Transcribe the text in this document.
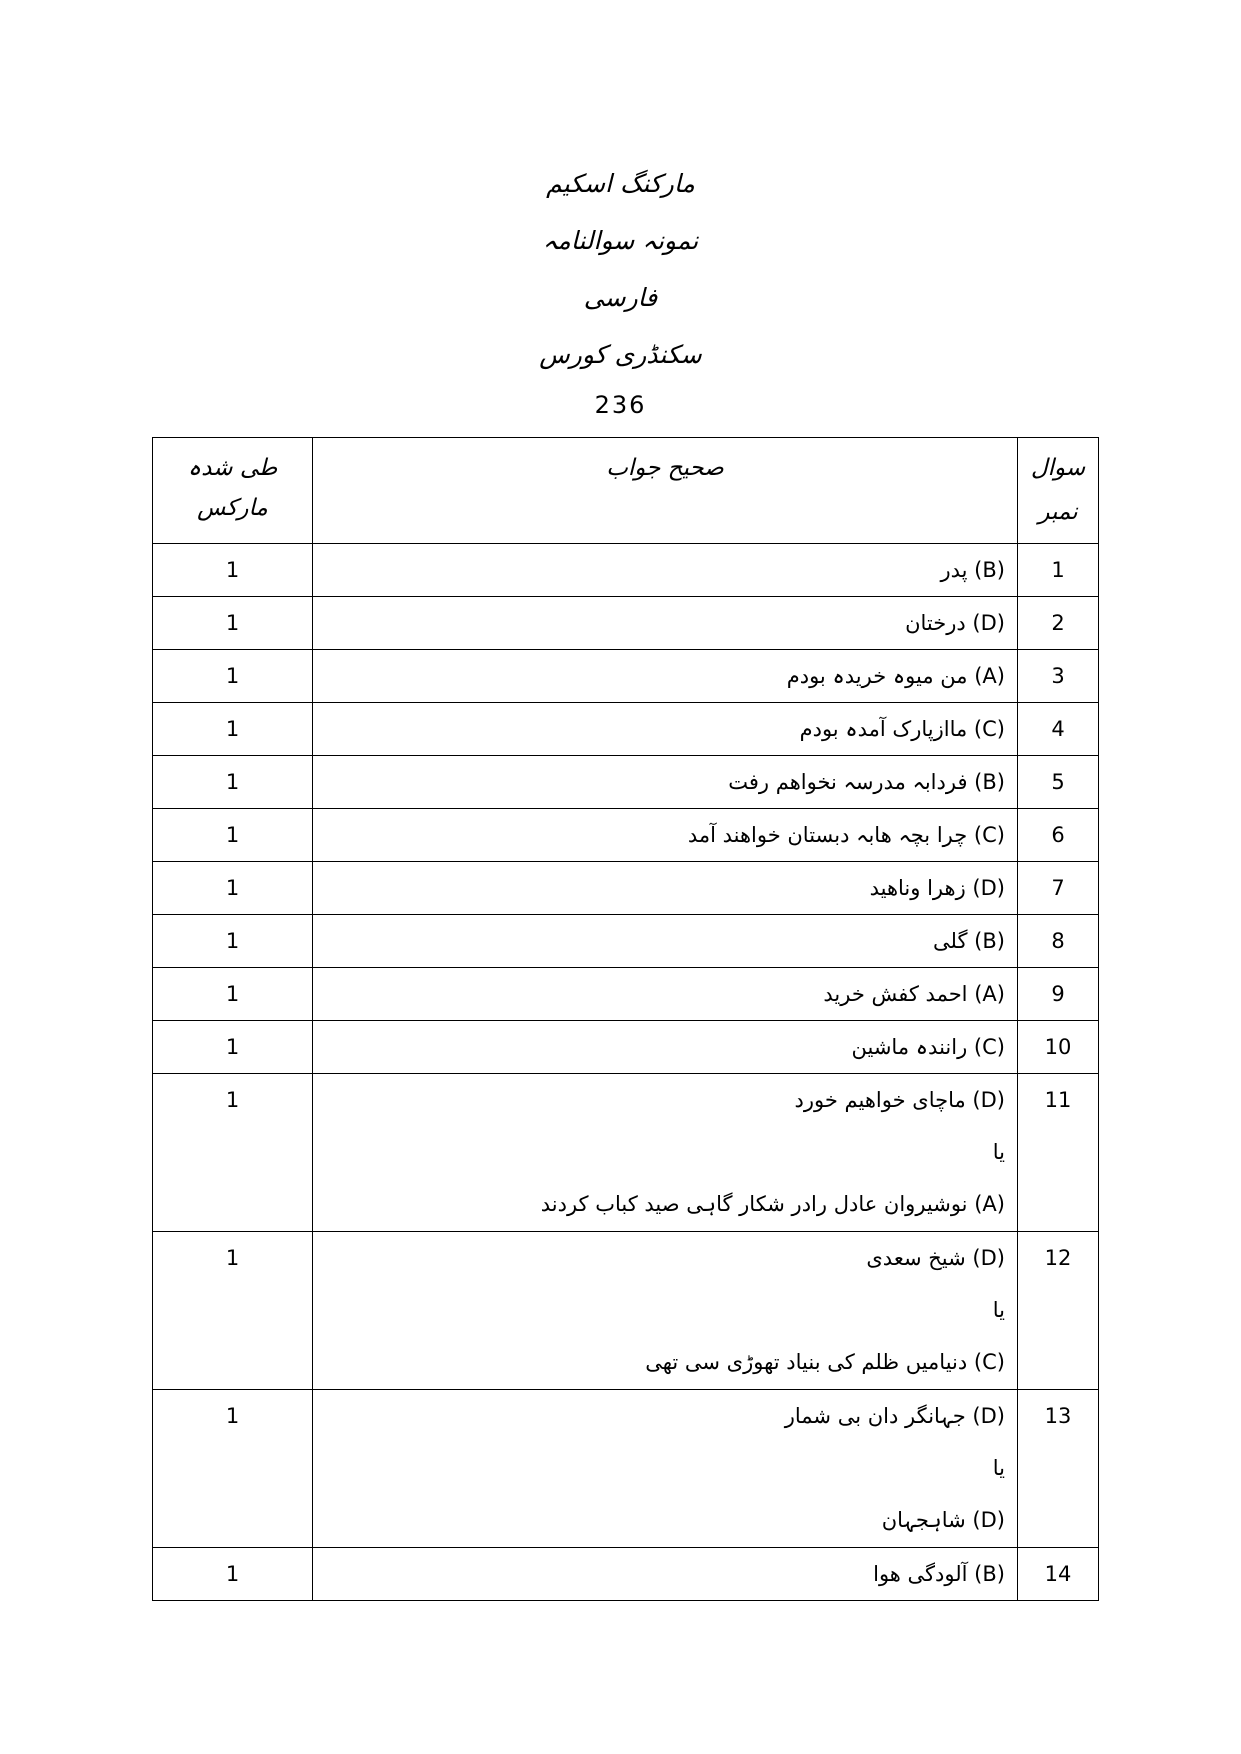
مارکنگ اسکیم
نمونہ سوالنامہ
فارسی
سکنڈری کورس
236
طی شدہ مارکس	صحیح جواب	سوال نمبر

1	(B) پدر	1

1	(D) درختان	2

1	(A) من میوہ خریدہ بودم	3

1	(C) ماازپارک آمدہ بودم	4

1	(B) فردابہ مدرسہ نخواھم رفت	5

1	(C) چرا بچہ ھابہ دبستان خواھند آمد	6

1	(D) زھرا وناھید	7

1	(B) گلی	8

1	(A) احمد کفش خرید	9

1	(C) رانندہ ماشین	10

1	(D) ماچای خواھیم خورد
یا
(A) نوشیروان عادل رادر شکار گاہی صید کباب کردند	11

1	(D) شیخ سعدی
یا
(C) دنیامیں ظلم کی بنیاد تھوڑی سی تھی	12

1	(D) جہانگر دان بی شمار
یا
(D) شاہجہان	13

1	(B) آلودگی ھوا	14
